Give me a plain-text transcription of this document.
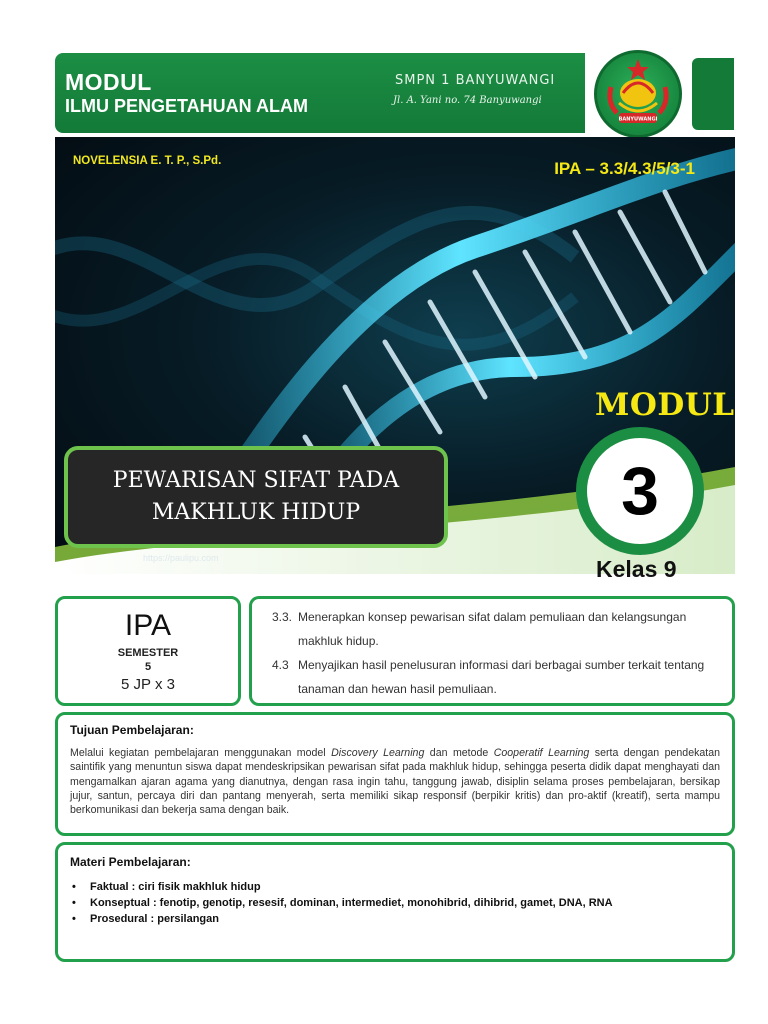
MODUL
ILMU PENGETAHUAN ALAM
SMPN 1 BANYUWANGI
Jl. A. Yani no. 74 Banyuwangi
BANYUWANGI
NOVELENSIA E. T. P., S.Pd.	IPA – 3.3/4.3/5/3-1
MODUL
https://paulipu.com
PEWARISAN SIFAT PADA
MAKHLUK HIDUP	3
Kelas 9
IPA
SEMESTER
5
5 JP x 3
3.3. Menerapkan konsep pewarisan sifat dalam pemuliaan dan kelangsungan makhluk hidup.
4.3 Menyajikan hasil penelusuran informasi dari berbagai sumber terkait tentang tanaman dan hewan hasil pemuliaan.
Tujuan Pembelajaran:
Melalui kegiatan pembelajaran menggunakan model Discovery Learning dan metode Cooperatif Learning serta dengan pendekatan saintifik yang menuntun siswa dapat mendeskripsikan pewarisan sifat pada makhluk hidup, sehingga peserta didik dapat menghayati dan mengamalkan ajaran agama yang dianutnya, dengan rasa ingin tahu, tanggung jawab, disiplin selama proses pembelajaran, bersikap jujur, santun, percaya diri dan pantang menyerah, serta memiliki sikap responsif (berpikir kritis) dan pro-aktif (kreatif), serta mampu berkomunikasi dan bekerja sama dengan baik.
Materi Pembelajaran:
• Faktual : ciri fisik makhluk hidup
• Konseptual : fenotip, genotip, resesif, dominan, intermediet, monohibrid, dihibrid, gamet, DNA, RNA
• Prosedural : persilangan
